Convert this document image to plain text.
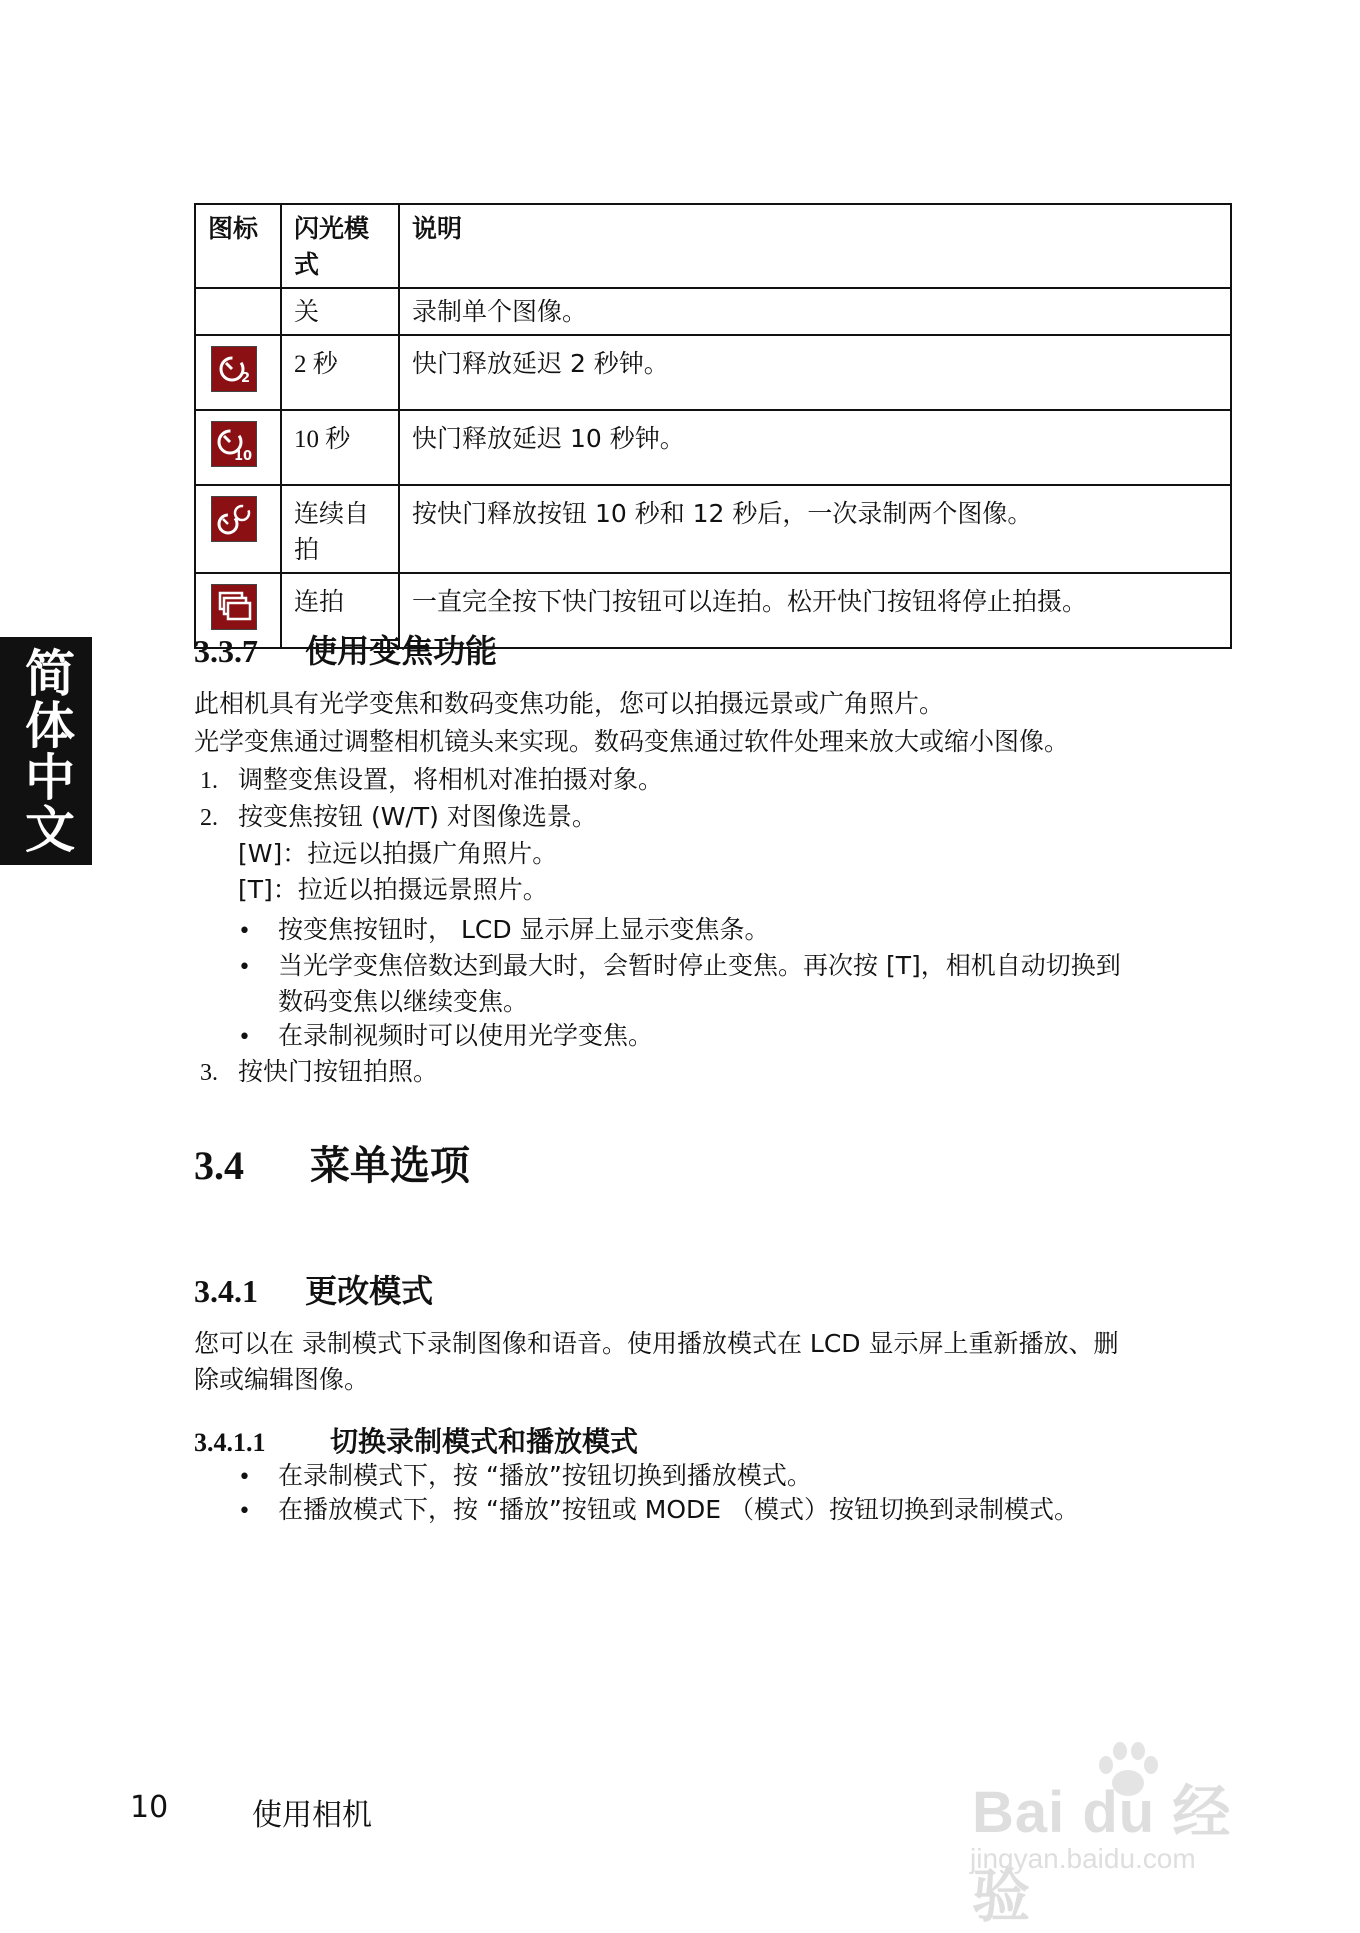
简体中文
图标	闪光模式	说明
	关	录制单个图像。

2	2 秒	快门释放延迟 2 秒钟。

10	10 秒	快门释放延迟 10 秒钟。

	连续自拍	按快门释放按钮 10 秒和 12 秒后，一次录制两个图像。

	连拍	一直完全按下快门按钮可以连拍。松开快门按钮将停止拍摄。
3.3.7 使用变焦功能
此相机具有光学变焦和数码变焦功能，您可以拍摄远景或广角照片。
光学变焦通过调整相机镜头来实现。数码变焦通过软件处理来放大或缩小图像。
1. 调整变焦设置，将相机对准拍摄对象。
2. 按变焦按钮 (W/T) 对图像选景。
[W]：拉远以拍摄广角照片。
[T]：拉近以拍摄远景照片。
• 按变焦按钮时， LCD 显示屏上显示变焦条。
• 当光学变焦倍数达到最大时，会暂时停止变焦。再次按 [T]，相机自动切换到
数码变焦以继续变焦。
• 在录制视频时可以使用光学变焦。
3. 按快门按钮拍照。
3.4 菜单选项
3.4.1 更改模式
您可以在 录制模式下录制图像和语音。使用播放模式在 LCD 显示屏上重新播放、删
除或编辑图像。
3.4.1.1 切换录制模式和播放模式
• 在录制模式下，按 “播放”按钮切换到播放模式。
• 在播放模式下，按 “播放”按钮或 MODE （模式）按钮切换到录制模式。
10	使用相机	Bai du 经验
jingyan.baidu.com
